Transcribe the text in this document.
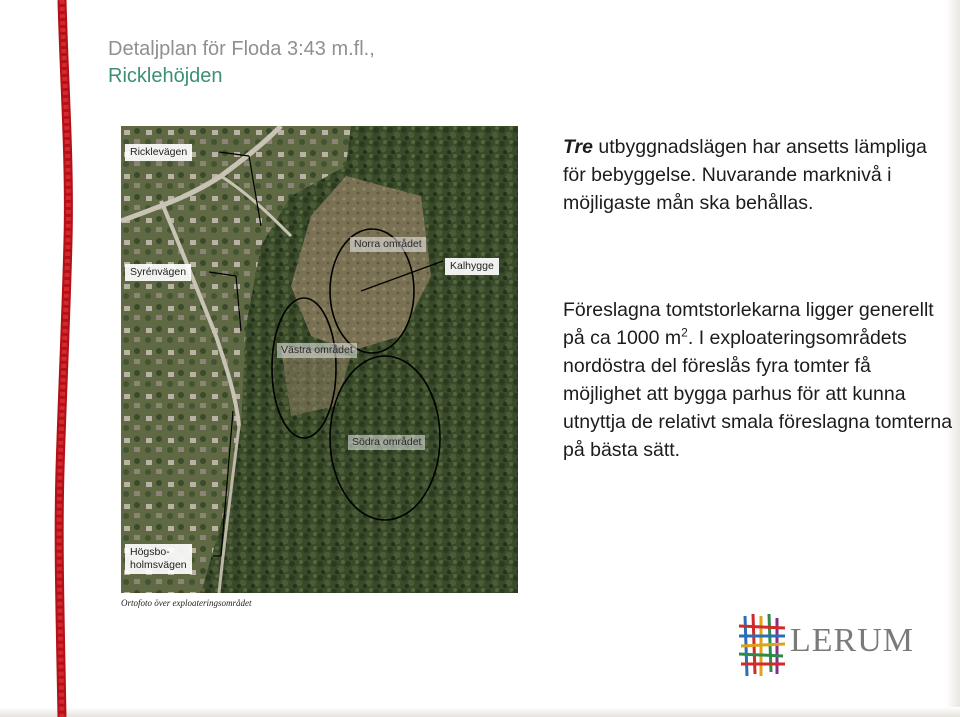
Detaljplan för Floda 3:43 m.fl.,
Ricklehöjden
Ricklevägen
Syrénvägen
Högsbo-
holmsvägen
Kalhygge
Norra området
Västra området
Södra området
Ortofoto över exploateringsområdet
Tre utbyggnadslägen har ansetts lämpliga för bebyggelse. Nuvarande marknivå i möjligaste mån ska behållas.
Föreslagna tomtstorlekarna ligger generellt på ca 1000 $m^2$. I exploateringsområdets nordöstra del föreslås fyra tomter få möjlighet att bygga parhus för att kunna utnyttja de relativt smala föreslagna tomterna på bästa sätt.
LERUM
